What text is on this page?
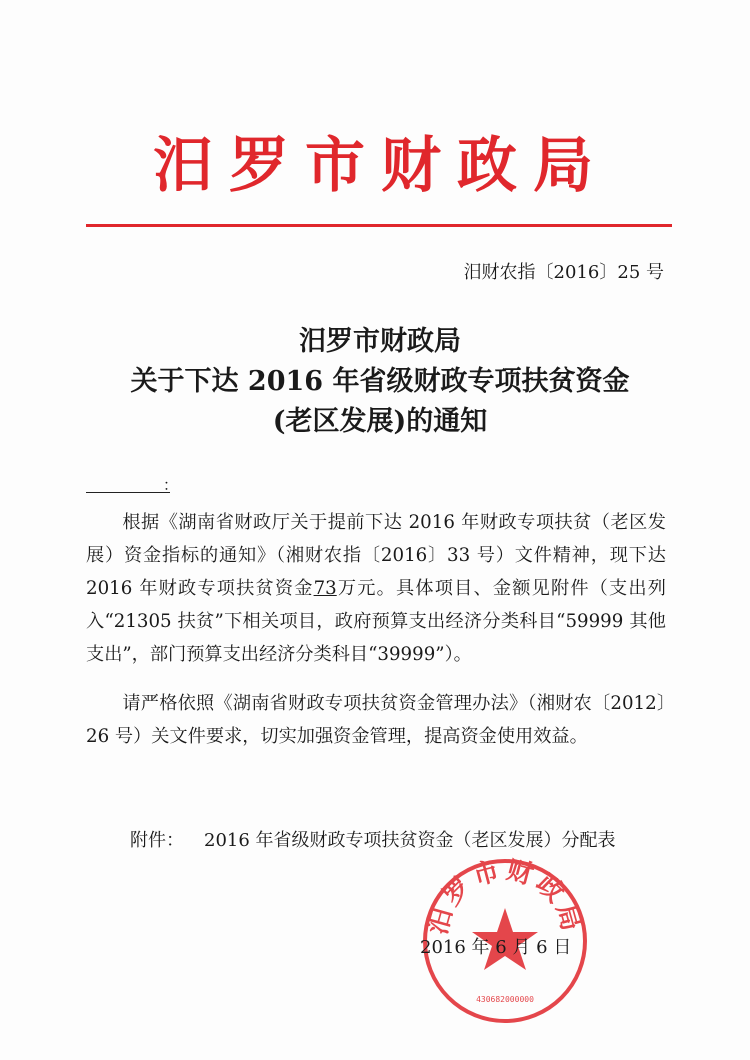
汨罗市财政局
汨财农指〔2016〕25 号
汨罗市财政局
关于下达 2016 年省级财政专项扶贫资金
(老区发展)的通知
：

根据《湖南省财政厅关于提前下达 2016 年财政专项扶贫（老区发展）资金指标的通知》（湘财农指〔2016〕33 号）文件精神，现下达 2016 年财政专项扶贫资金73万元。具体项目、金额见附件（支出列入“21305 扶贫”下相关项目，政府预算支出经济分类科目“59999 其他支出”，部门预算支出经济分类科目“39999”）。

请严格依照《湖南省财政专项扶贫资金管理办法》（湘财农〔2012〕26 号）关文件要求，切实加强资金管理，提高资金使用效益。

附件： 2016 年省级财政专项扶贫资金（老区发展）分配表
汨罗市财政局
430682000000
2016 年 6 月 6 日
